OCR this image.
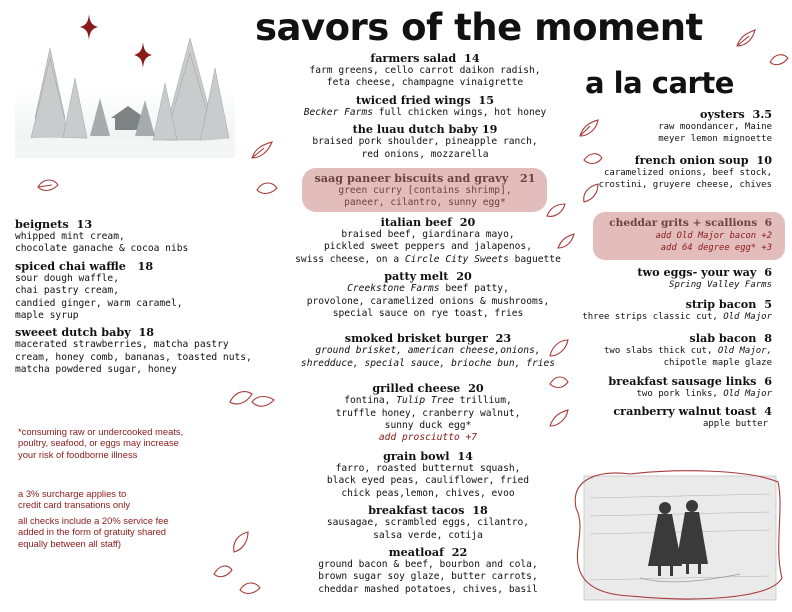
savors of the moment
a la carte
beignets 13
whipped mint cream,
chocolate ganache & cocoa nibs
spiced chai waffle 18
sour dough waffle,
chai pastry cream,
candied ginger, warm caramel,
maple syrup
sweeet dutch baby 18
macerated strawberries, matcha pastry
cream, honey comb, bananas, toasted nuts,
matcha powdered sugar, honey
*consuming raw or undercooked meats,
poultry, seafood, or eggs may increase
your risk of foodborne illness
a 3% surcharge applies to
credit card transations only
all checks include a 20% service fee
added in the form of gratuity shared
equally between all staff)
farmers salad 14
farm greens, cello carrot daikon radish,
feta cheese, champagne vinaigrette
twiced fried wings 15
Becker Farms full chicken wings, hot honey
the luau dutch baby 19
braised pork shoulder, pineapple ranch,
red onions, mozzarella
saag paneer biscuits and gravy 21
green curry [contains shrimp],
paneer, cilantro, sunny egg*
italian beef 20
braised beef, giardinara mayo,
pickled sweet peppers and jalapenos,
swiss cheese, on a Circle City Sweets baguette
patty melt 20
Creekstone Farms beef patty,
provolone, caramelized onions & mushrooms,
special sauce on rye toast, fries
smoked brisket burger 23
ground brisket, american cheese,onions,
shredduce, special sauce, brioche bun, fries
grilled cheese 20
fontina, Tulip Tree trillium,
truffle honey, cranberry walnut,
sunny duck egg*
add prosciutto +7
grain bowl 14
farro, roasted butternut squash,
black eyed peas, cauliflower, fried
chick peas,lemon, chives, evoo
breakfast tacos 18
sausagae, scrambled eggs, cilantro,
salsa verde, cotija
meatloaf 22
ground bacon & beef, bourbon and cola,
brown sugar soy glaze, butter carrots,
cheddar mashed potatoes, chives, basil
oysters 3.5
raw moondancer, Maine
meyer lemon mignoette
french onion soup 10
caramelized onions, beef stock,
crostini, gruyere cheese, chives
cheddar grits + scallions 6
add Old Major bacon +2
add 64 degree egg* +3
two eggs- your way 6
Spring Valley Farms
strip bacon 5
three strips classic cut, Old Major
slab bacon 8
two slabs thick cut, Old Major,
chipotle maple glaze
breakfast sausage links 6
two pork links, Old Major
cranberry walnut toast 4
apple butter
